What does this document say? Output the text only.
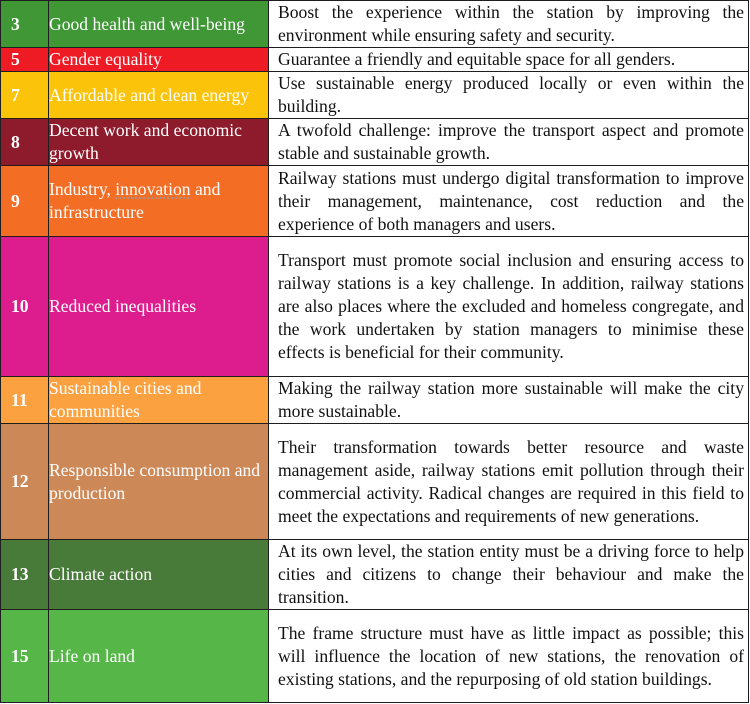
3	Good health and well-being	Boost the experience within the station by improving the environment while ensuring safety and security.
5	Gender equality	Guarantee a friendly and equitable space for all genders.
7	Affordable and clean energy	Use sustainable energy produced locally or even within the building.
8	Decent work and economic growth	A twofold challenge: improve the transport aspect and promote stable and sustainable growth.
9	Industry, innovation and infrastructure	Railway stations must undergo digital transformation to improve their management, maintenance, cost reduction and the experience of both managers and users.
10	Reduced inequalities	Transport must promote social inclusion and ensuring access to railway stations is a key challenge. In addition, railway stations are also places where the excluded and homeless congregate, and the work undertaken by station managers to minimise these effects is beneficial for their community.
11	Sustainable cities and communities	Making the railway station more sustainable will make the city more sustainable.
12	Responsible consumption and production	Their transformation towards better resource and waste management aside, railway stations emit pollution through their commercial activity. Radical changes are required in this field to meet the expectations and requirements of new generations.
13	Climate action	At its own level, the station entity must be a driving force to help cities and citizens to change their behaviour and make the transition.
15	Life on land	The frame structure must have as little impact as possible; this will influence the location of new stations, the renovation of existing stations, and the repurposing of old station buildings.
